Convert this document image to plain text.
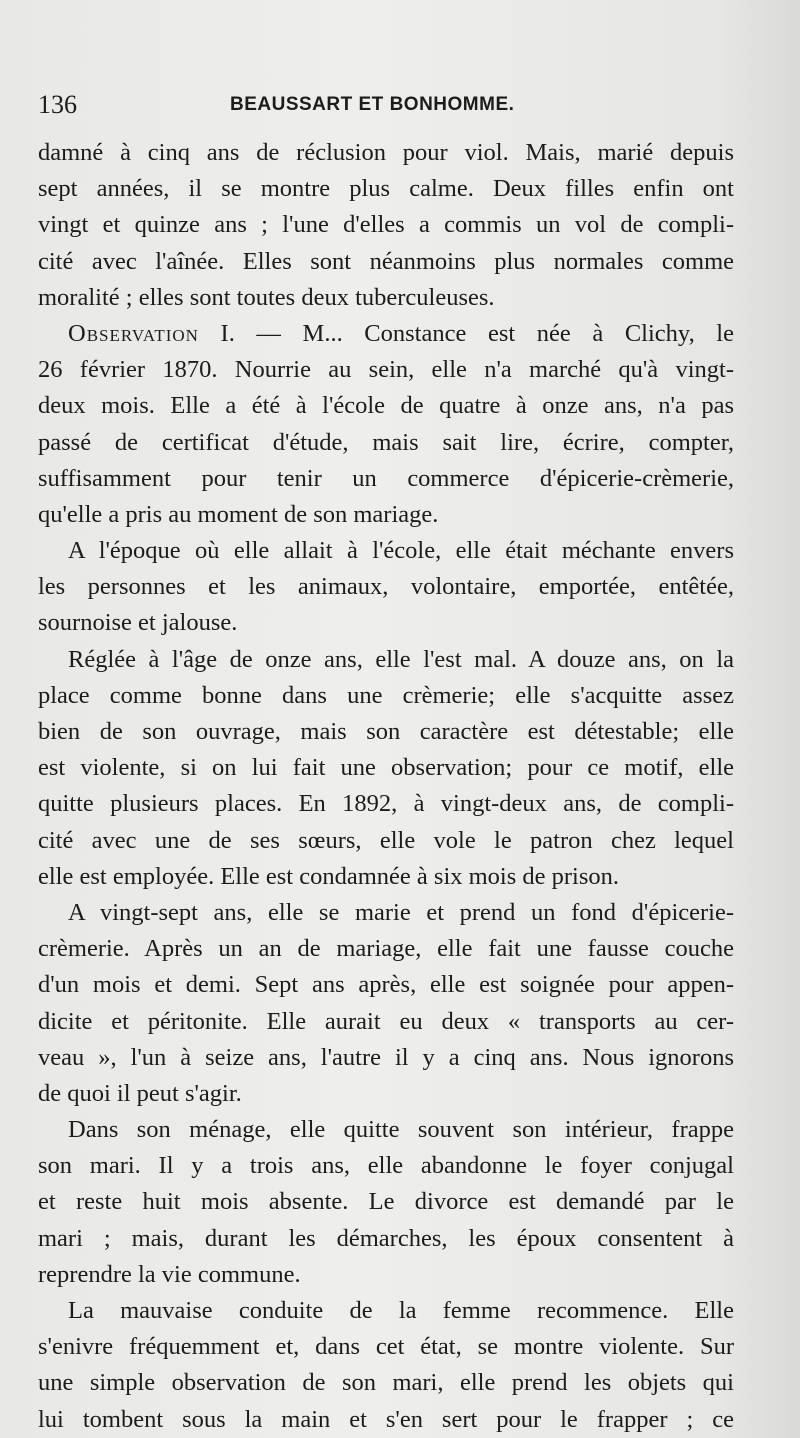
136	BEAUSSART ET BONHOMME.
damné à cinq ans de réclusion pour viol. Mais, marié depuis
sept années, il se montre plus calme. Deux filles enfin ont
vingt et quinze ans ; l'une d'elles a commis un vol de compli-
cité avec l'aînée. Elles sont néanmoins plus normales comme
moralité ; elles sont toutes deux tuberculeuses.
Observation I. — M... Constance est née à Clichy, le
26 février 1870. Nourrie au sein, elle n'a marché qu'à vingt-
deux mois. Elle a été à l'école de quatre à onze ans, n'a pas
passé de certificat d'étude, mais sait lire, écrire, compter,
suffisamment pour tenir un commerce d'épicerie-crèmerie,
qu'elle a pris au moment de son mariage.
A l'époque où elle allait à l'école, elle était méchante envers
les personnes et les animaux, volontaire, emportée, entêtée,
sournoise et jalouse.
Réglée à l'âge de onze ans, elle l'est mal. A douze ans, on la
place comme bonne dans une crèmerie; elle s'acquitte assez
bien de son ouvrage, mais son caractère est détestable; elle
est violente, si on lui fait une observation; pour ce motif, elle
quitte plusieurs places. En 1892, à vingt-deux ans, de compli-
cité avec une de ses sœurs, elle vole le patron chez lequel
elle est employée. Elle est condamnée à six mois de prison.
A vingt-sept ans, elle se marie et prend un fond d'épicerie-
crèmerie. Après un an de mariage, elle fait une fausse couche
d'un mois et demi. Sept ans après, elle est soignée pour appen-
dicite et péritonite. Elle aurait eu deux « transports au cer-
veau », l'un à seize ans, l'autre il y a cinq ans. Nous ignorons
de quoi il peut s'agir.
Dans son ménage, elle quitte souvent son intérieur, frappe
son mari. Il y a trois ans, elle abandonne le foyer conjugal
et reste huit mois absente. Le divorce est demandé par le
mari ; mais, durant les démarches, les époux consentent à
reprendre la vie commune.
La mauvaise conduite de la femme recommence. Elle
s'enivre fréquemment et, dans cet état, se montre violente. Sur
une simple observation de son mari, elle prend les objets qui
lui tombent sous la main et s'en sert pour le frapper ; ce
